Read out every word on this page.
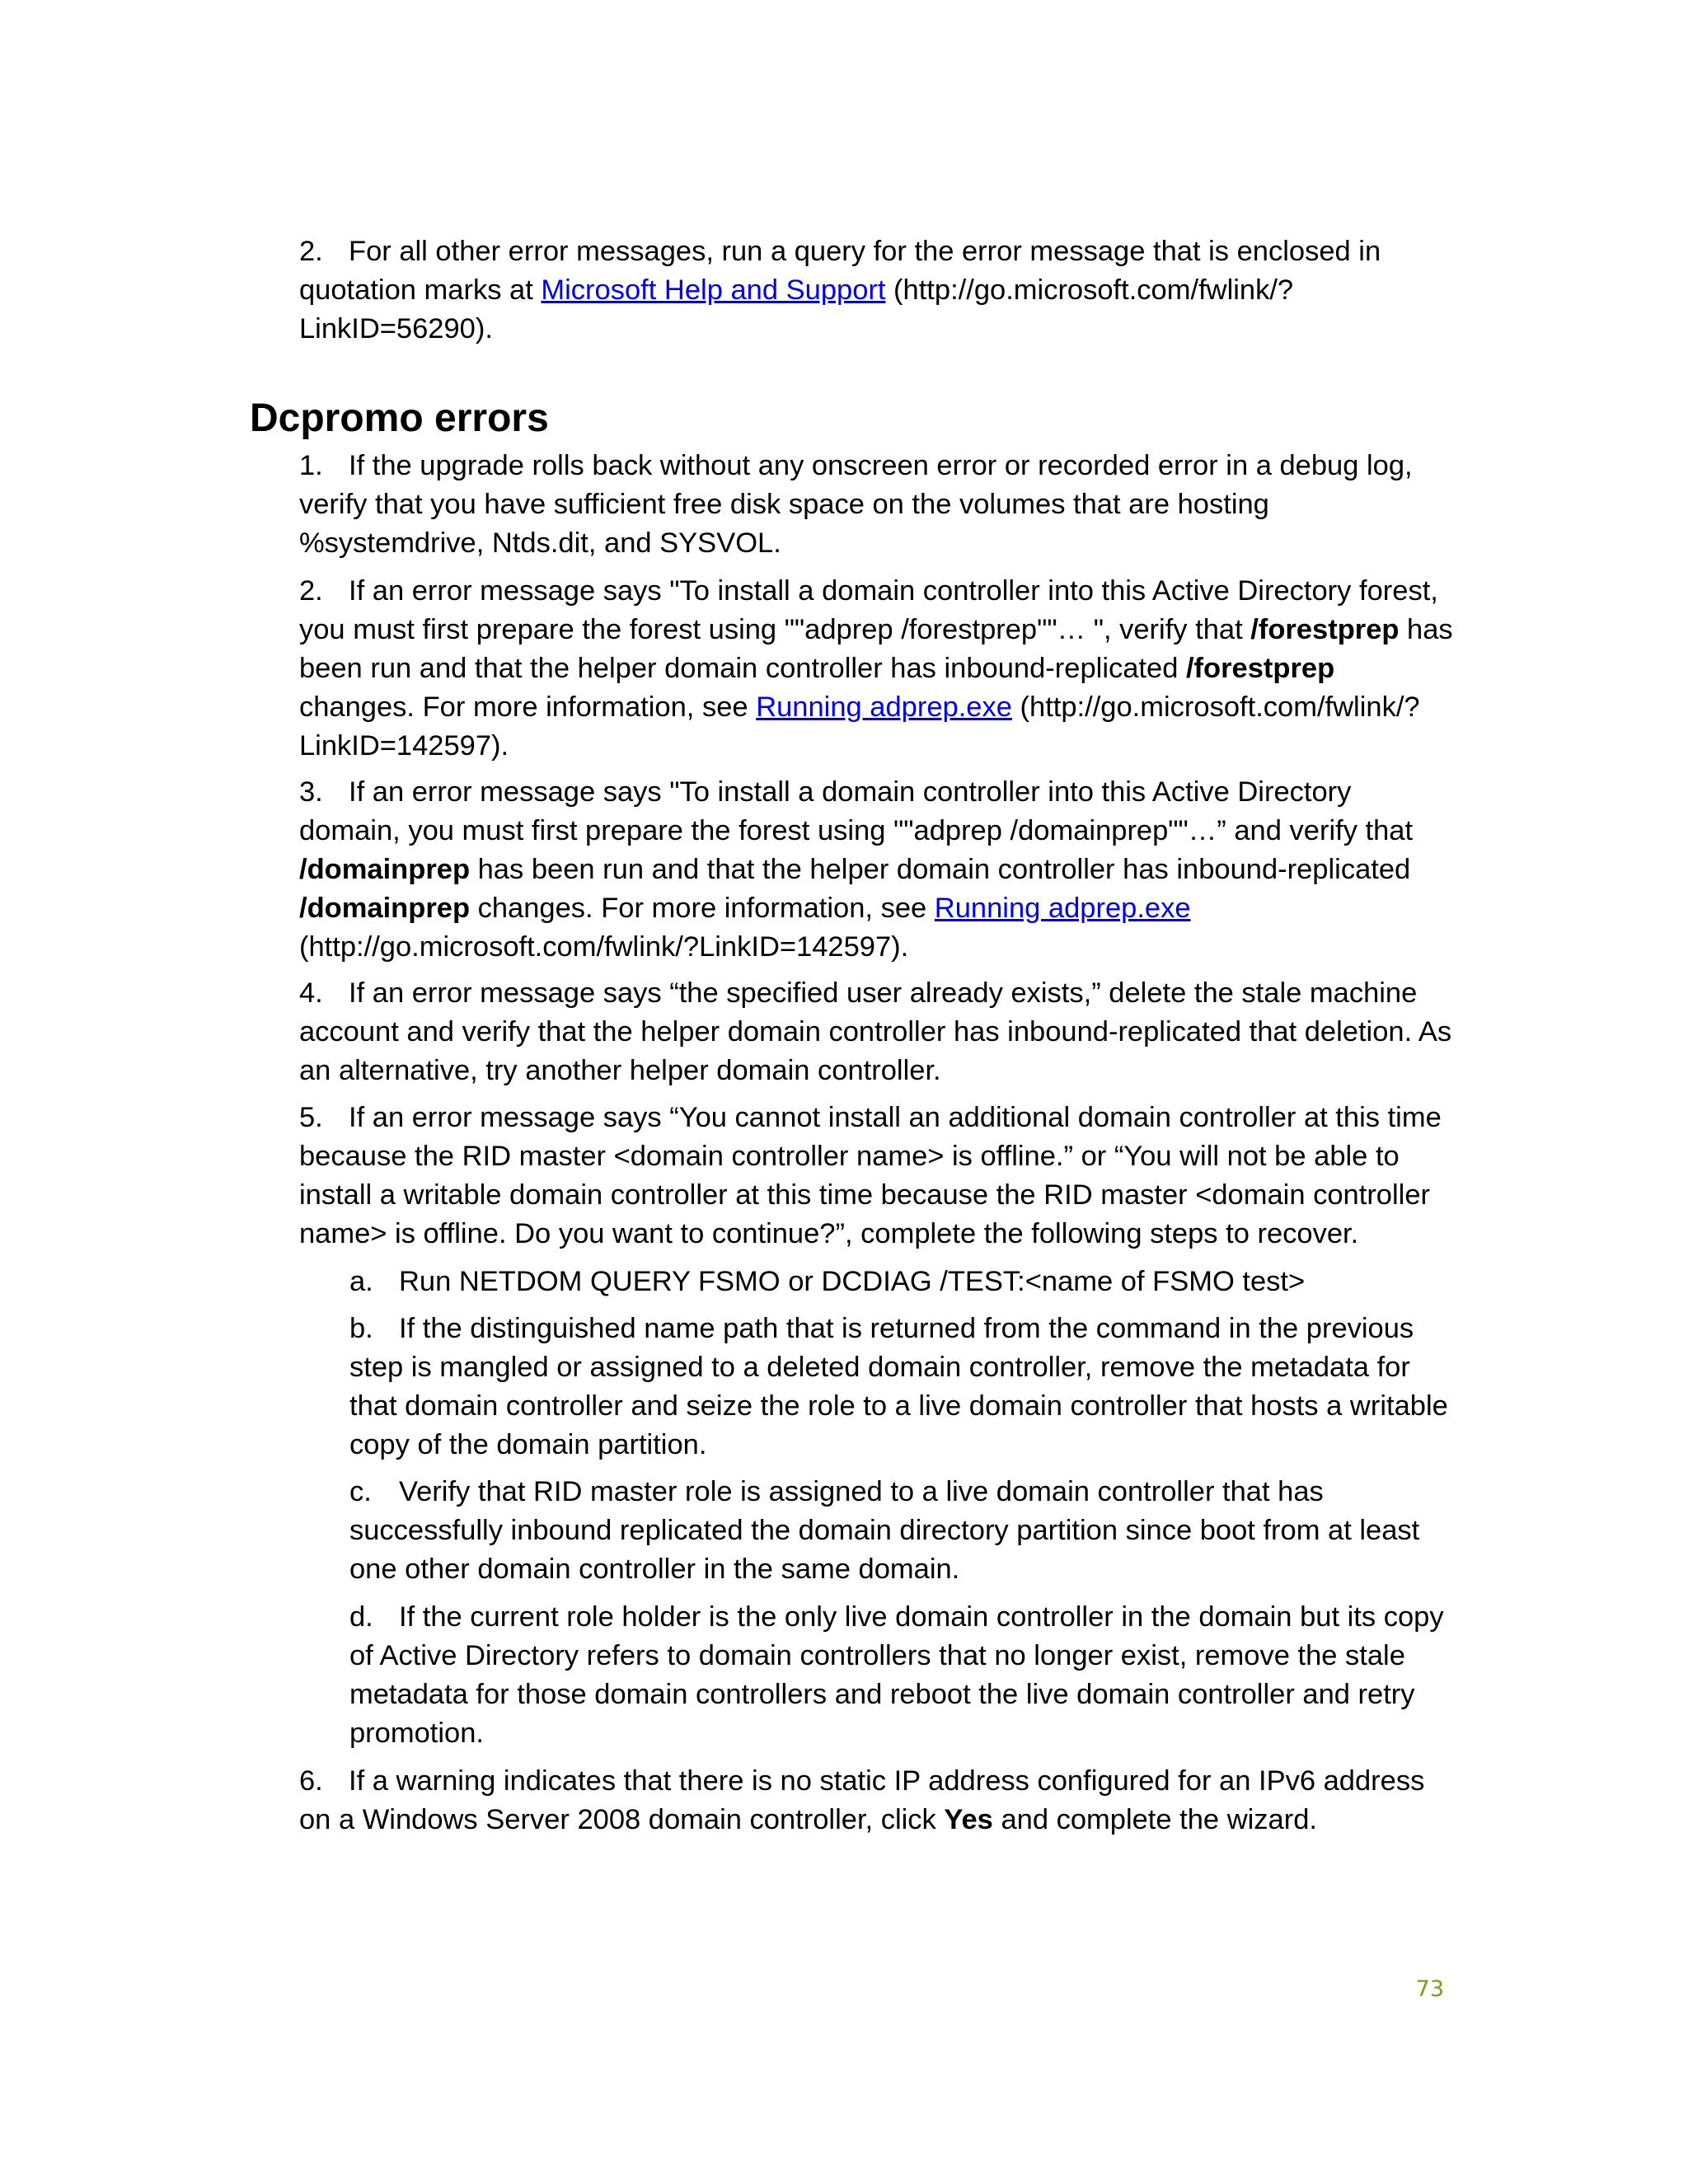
2. For all other error messages, run a query for the error message that is enclosed in quotation marks at Microsoft Help and Support (http://go.microsoft.com/fwlink/?LinkID=56290).

Dcpromo errors

1. If the upgrade rolls back without any onscreen error or recorded error in a debug log, verify that you have sufficient free disk space on the volumes that are hosting %systemdrive, Ntds.dit, and SYSVOL.

2. If an error message says "To install a domain controller into this Active Directory forest, you must first prepare the forest using ""adprep /forestprep""… ", verify that /forestprep has been run and that the helper domain controller has inbound-replicated /forestprep changes. For more information, see Running adprep.exe (http://go.microsoft.com/fwlink/?LinkID=142597).

3. If an error message says "To install a domain controller into this Active Directory domain, you must first prepare the forest using ""adprep /domainprep""…” and verify that /domainprep has been run and that the helper domain controller has inbound-replicated /domainprep changes. For more information, see Running adprep.exe (http://go.microsoft.com/fwlink/?LinkID=142597).

4. If an error message says “the specified user already exists,” delete the stale machine account and verify that the helper domain controller has inbound-replicated that deletion. As an alternative, try another helper domain controller.

5. If an error message says “You cannot install an additional domain controller at this time because the RID master <domain controller name> is offline.” or “You will not be able to install a writable domain controller at this time because the RID master <domain controller name> is offline. Do you want to continue?”, complete the following steps to recover.

a. Run NETDOM QUERY FSMO or DCDIAG /TEST:<name of FSMO test>

b. If the distinguished name path that is returned from the command in the previous step is mangled or assigned to a deleted domain controller, remove the metadata for that domain controller and seize the role to a live domain controller that hosts a writable copy of the domain partition.

c. Verify that RID master role is assigned to a live domain controller that has successfully inbound replicated the domain directory partition since boot from at least one other domain controller in the same domain.

d. If the current role holder is the only live domain controller in the domain but its copy of Active Directory refers to domain controllers that no longer exist, remove the stale metadata for those domain controllers and reboot the live domain controller and retry promotion.

6. If a warning indicates that there is no static IP address configured for an IPv6 address on a Windows Server 2008 domain controller, click Yes and complete the wizard.

73
